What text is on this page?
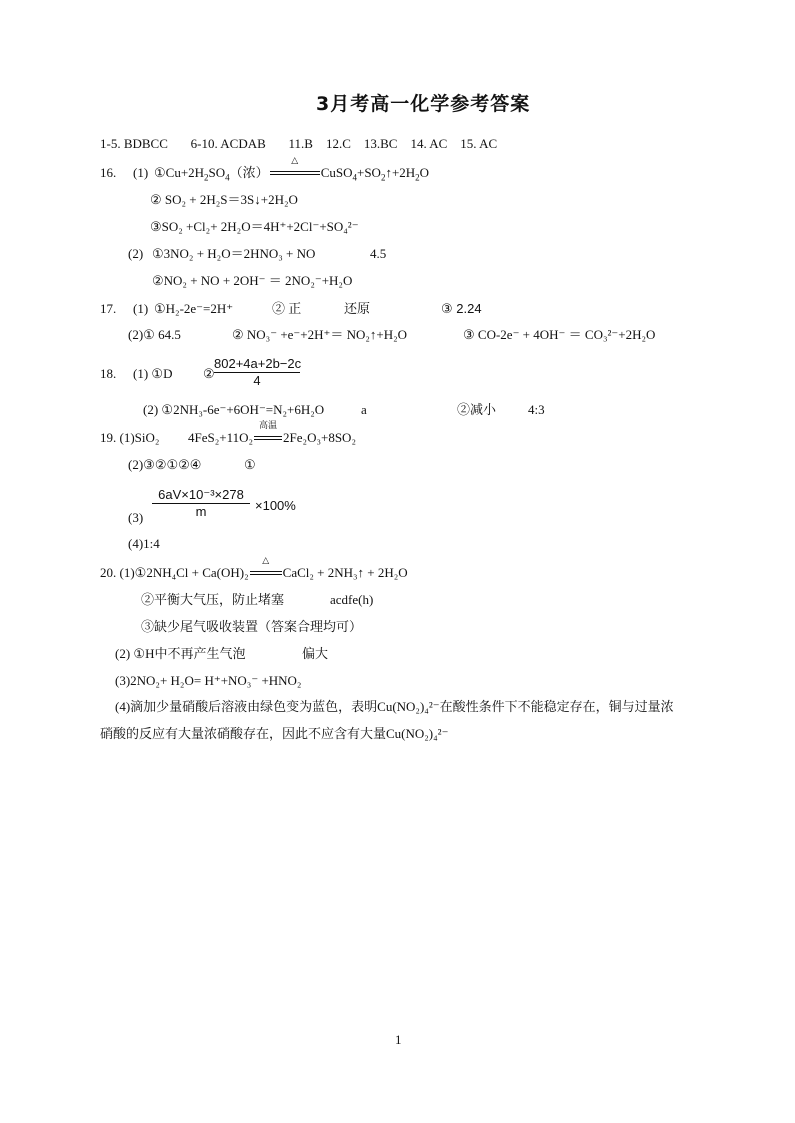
3月考高一化学参考答案
1-5. BDBCC       6-10. ACDAB       11.B    12.C    13.BC    14. AC    15. AC
16. (1) $①Cu+2H_2SO_4$（浓）
△
$CuSO_4+SO_2↑+2H_2O$
② SO₂ + 2H₂S＝3S↓+2H₂O
③SO₂ +Cl₂+ 2H₂O＝4H⁺+2Cl⁻+SO₄²⁻
(2) ①3NO₂ + H₂O＝2HNO₃ + NO	4.5
②NO₂ + NO + 2OH⁻ ＝ 2NO₂⁻+H₂O
17. (1) ①H₂-2e⁻=2H⁺	② 正	还原	③ 2.24
(2)① 64.5	② NO₃⁻ +e⁻+2H⁺＝ NO₂↑+H₂O	③ CO-2e⁻ + 4OH⁻ ＝ CO₃²⁻+2H₂O
18. (1) ①D ②
802+4a+2b−2c
4
(2) ①2NH₃-6e⁻+6OH⁻=N₂+6H₂O	a	②减小 4:3
19. (1)SiO₂ 4FeS₂+11O₂
高温
2Fe₂O₃+8SO₂
(2)③②①②④	①
(3)
6aV×10⁻³×278
m	×100%
(4)1:4
20. (1)①2NH₄Cl + Ca(OH)₂
△
CaCl₂ + 2NH₃↑ + 2H₂O
②平衡大气压，防止堵塞	acdfe(h)
③缺少尾气吸收装置（答案合理均可）
(2) ①H中不再产生气泡	偏大
(3)2NO₂+ H₂O= H⁺+NO₃⁻ +HNO₂
(4)滴加少量硝酸后溶液由绿色变为蓝色，表明Cu(NO₂)₄²⁻在酸性条件下不能稳定存在，铜与过量浓
硝酸的反应有大量浓硝酸存在，因此不应含有大量Cu(NO₂)₄²⁻
1
